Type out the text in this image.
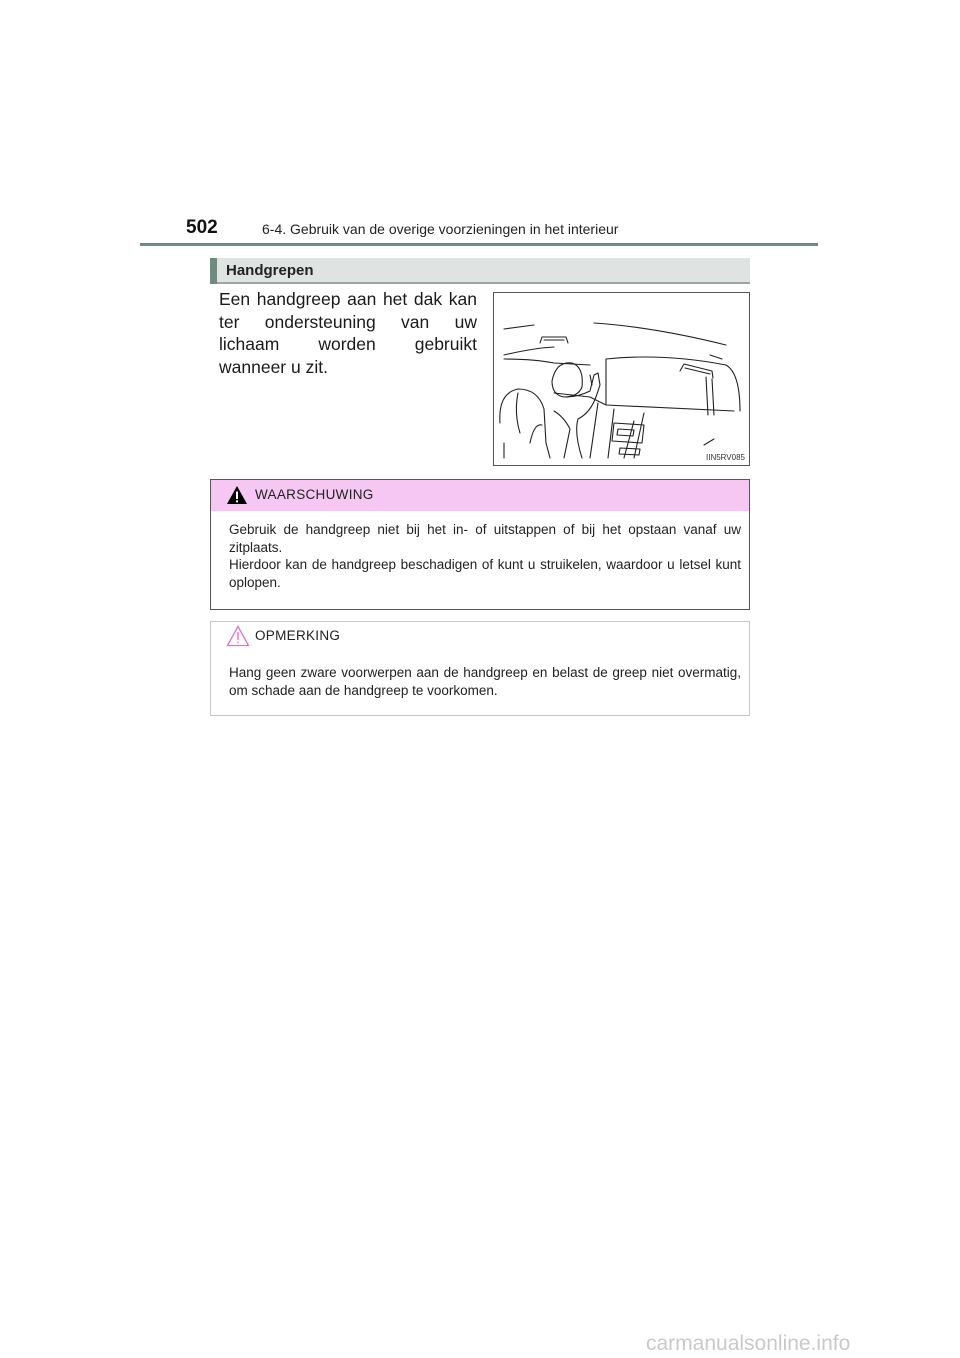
502	6-4. Gebruik van de overige voorzieningen in het interieur
Handgrepen
Een handgreep aan het dak kan ter ondersteuning van uw lichaam worden gebruikt wanneer u zit.
IIN5RV085
WAARSCHUWING

Gebruik de handgreep niet bij het in- of uitstappen of bij het opstaan vanaf uw zitplaats.

Hierdoor kan de handgreep beschadigen of kunt u struikelen, waardoor u letsel kunt oplopen.

OPMERKING

Hang geen zware voorwerpen aan de handgreep en belast de greep niet overmatig, om schade aan de handgreep te voorkomen.

carmanualsonline.info
